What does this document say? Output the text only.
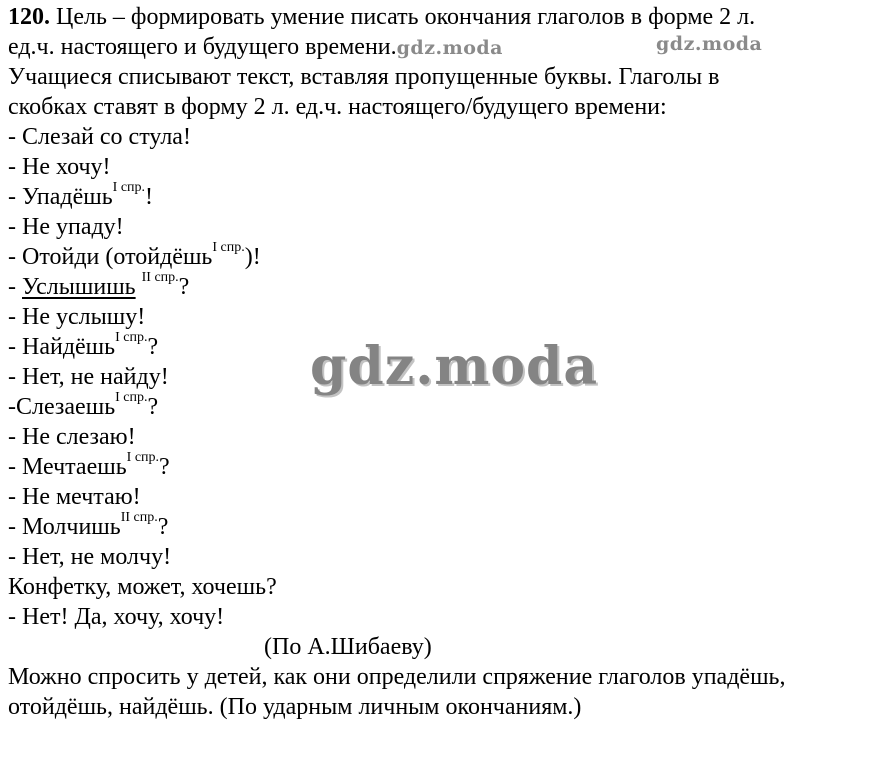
120. Цель – формировать умение писать окончания глаголов в форме 2 л.
ед.ч. настоящего и будущего времени.gdz.moda
Учащиеся списывают текст, вставляя пропущенные буквы. Глаголы в
скобках ставят в форму 2 л. ед.ч. настоящего/будущего времени:
- Слезай со стула!
- Не хочу!
- Упадёшь$^{I спр.}$!
- Не упаду!
- Отойди (отойдёшь$^{I спр.}$)!
- Услышишь $^{II спр.}$?
- Не услышу!
- Найдёшь$^{I спр.}$?
- Нет, не найду!
-Слезаешь$^{I спр.}$?
- Не слезаю!
- Мечтаешь$^{I спр.}$?
- Не мечтаю!
- Молчишь$^{II спр.}$?
- Нет, не молчу!
Конфетку, может, хочешь?
- Нет! Да, хочу, хочу!
(По А.Шибаеву)
Можно спросить у детей, как они определили спряжение глаголов упадёшь,
отойдёшь, найдёшь. (По ударным личным окончаниям.)
gdz.moda
gdz.moda
